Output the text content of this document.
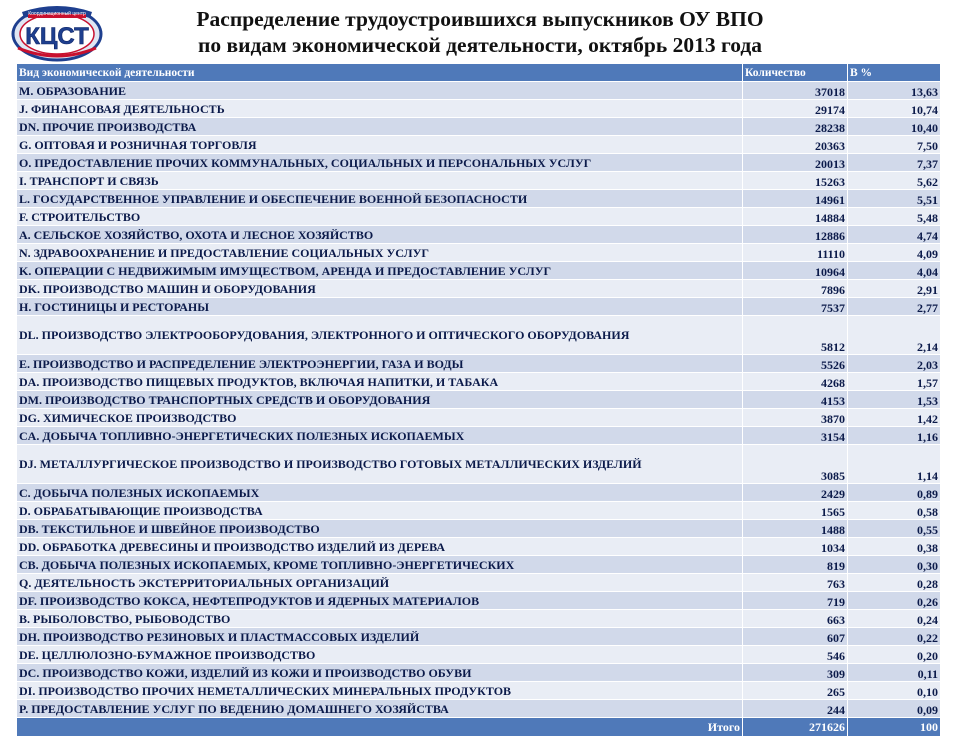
Координационный центр
КЦСТ
Распределение трудоустроившихся выпускников ОУ ВПО
по видам экономической деятельности, октябрь 2013 года
Вид экономической деятельности	Количество	В %
M. ОБРАЗОВАНИЕ	37018	13,63
J. ФИНАНСОВАЯ ДЕЯТЕЛЬНОСТЬ	29174	10,74
DN. ПРОЧИЕ ПРОИЗВОДСТВА	28238	10,40
G. ОПТОВАЯ И РОЗНИЧНАЯ ТОРГОВЛЯ	20363	7,50
O. ПРЕДОСТАВЛЕНИЕ ПРОЧИХ КОММУНАЛЬНЫХ, СОЦИАЛЬНЫХ И ПЕРСОНАЛЬНЫХ УСЛУГ	20013	7,37
I. ТРАНСПОРТ И СВЯЗЬ	15263	5,62
L. ГОСУДАРСТВЕННОЕ УПРАВЛЕНИЕ И ОБЕСПЕЧЕНИЕ ВОЕННОЙ БЕЗОПАСНОСТИ	14961	5,51
F. СТРОИТЕЛЬСТВО	14884	5,48
A. СЕЛЬСКОЕ ХОЗЯЙСТВО, ОХОТА И ЛЕСНОЕ ХОЗЯЙСТВО	12886	4,74
N. ЗДРАВООХРАНЕНИЕ И ПРЕДОСТАВЛЕНИЕ СОЦИАЛЬНЫХ УСЛУГ	11110	4,09
K. ОПЕРАЦИИ С НЕДВИЖИМЫМ ИМУЩЕСТВОМ, АРЕНДА И ПРЕДОСТАВЛЕНИЕ УСЛУГ	10964	4,04
DK. ПРОИЗВОДСТВО МАШИН И ОБОРУДОВАНИЯ	7896	2,91
H. ГОСТИНИЦЫ И РЕСТОРАНЫ	7537	2,77
DL. ПРОИЗВОДСТВО ЭЛЕКТРООБОРУДОВАНИЯ, ЭЛЕКТРОННОГО И ОПТИЧЕСКОГО ОБОРУДОВАНИЯ	5812	2,14
E. ПРОИЗВОДСТВО И РАСПРЕДЕЛЕНИЕ ЭЛЕКТРОЭНЕРГИИ, ГАЗА И ВОДЫ	5526	2,03
DA. ПРОИЗВОДСТВО ПИЩЕВЫХ ПРОДУКТОВ, ВКЛЮЧАЯ НАПИТКИ, И ТАБАКА	4268	1,57
DM. ПРОИЗВОДСТВО ТРАНСПОРТНЫХ СРЕДСТВ И ОБОРУДОВАНИЯ	4153	1,53
DG. ХИМИЧЕСКОЕ ПРОИЗВОДСТВО	3870	1,42
CA. ДОБЫЧА ТОПЛИВНО-ЭНЕРГЕТИЧЕСКИХ ПОЛЕЗНЫХ ИСКОПАЕМЫХ	3154	1,16
DJ. МЕТАЛЛУРГИЧЕСКОЕ ПРОИЗВОДСТВО И ПРОИЗВОДСТВО ГОТОВЫХ МЕТАЛЛИЧЕСКИХ ИЗДЕЛИЙ	3085	1,14
C. ДОБЫЧА ПОЛЕЗНЫХ ИСКОПАЕМЫХ	2429	0,89
D. ОБРАБАТЫВАЮЩИЕ ПРОИЗВОДСТВА	1565	0,58
DB. ТЕКСТИЛЬНОЕ И ШВЕЙНОЕ ПРОИЗВОДСТВО	1488	0,55
DD. ОБРАБОТКА ДРЕВЕСИНЫ И ПРОИЗВОДСТВО ИЗДЕЛИЙ ИЗ ДЕРЕВА	1034	0,38
CB. ДОБЫЧА ПОЛЕЗНЫХ ИСКОПАЕМЫХ, КРОМЕ ТОПЛИВНО-ЭНЕРГЕТИЧЕСКИХ	819	0,30
Q. ДЕЯТЕЛЬНОСТЬ ЭКСТЕРРИТОРИАЛЬНЫХ ОРГАНИЗАЦИЙ	763	0,28
DF. ПРОИЗВОДСТВО КОКСА, НЕФТЕПРОДУКТОВ И ЯДЕРНЫХ МАТЕРИАЛОВ	719	0,26
B. РЫБОЛОВСТВО, РЫБОВОДСТВО	663	0,24
DH. ПРОИЗВОДСТВО РЕЗИНОВЫХ И ПЛАСТМАССОВЫХ ИЗДЕЛИЙ	607	0,22
DE. ЦЕЛЛЮЛОЗНО-БУМАЖНОЕ ПРОИЗВОДСТВО	546	0,20
DC. ПРОИЗВОДСТВО КОЖИ, ИЗДЕЛИЙ ИЗ КОЖИ И ПРОИЗВОДСТВО ОБУВИ	309	0,11
DI. ПРОИЗВОДСТВО ПРОЧИХ НЕМЕТАЛЛИЧЕСКИХ МИНЕРАЛЬНЫХ ПРОДУКТОВ	265	0,10
P. ПРЕДОСТАВЛЕНИЕ УСЛУГ ПО ВЕДЕНИЮ ДОМАШНЕГО ХОЗЯЙСТВА	244	0,09
Итого	271626	100
